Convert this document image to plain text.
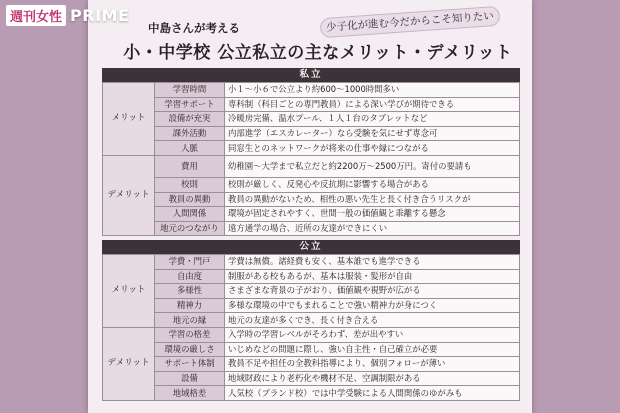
中島さんが考える	少子化が進む今だからこそ知りたい
小・中学校 公立私立の主なメリット・デメリット
私立
メリット	学習時間	小１～小６で公立より約600～1000時間多い
	学習サポート	専科制（科目ごとの専門教員）による深い学びが期待できる
	設備が充実	冷暖房完備、温水プール、１人１台のタブレットなど
	課外活動	内部進学（エスカレーター）なら受験を気にせず専念可
	人脈	同窓生とのネットワークが将来の仕事や縁につながる
デメリット	費用	幼稚園～大学まで私立だと約2200万～2500万円。寄付の要請も
	校則	校則が厳しく、反発心や反抗期に影響する場合がある
	教員の異動	教員の異動がないため、相性の悪い先生と長く付き合うリスクが
	人間関係	環境が固定されやすく、世間一般の価値観と乖離する懸念
	地元のつながり	遠方通学の場合、近所の友達ができにくい
公立
メリット	学費・門戸	学費は無償。諸経費も安く、基本誰でも進学できる
	自由度	制服がある校もあるが、基本は服装・髪形が自由
	多様性	さまざまな背景の子がおり、価値観や視野が広がる
	精神力	多様な環境の中でもまれることで強い精神力が身につく
	地元の縁	地元の友達が多くでき、長く付き合える
デメリット	学習の格差	入学時の学習レベルがそろわず、差が出やすい
	環境の厳しさ	いじめなどの問題に際し、強い自主性・自己確立が必要
	サポート体制	教員不足や担任の全教科指導により、個別フォローが薄い
	設備	地域財政により老朽化や機材不足、空調制限がある
	地域格差	人気校（ブランド校）では中学受験による人間関係のゆがみも
週刊女性 PRIME
